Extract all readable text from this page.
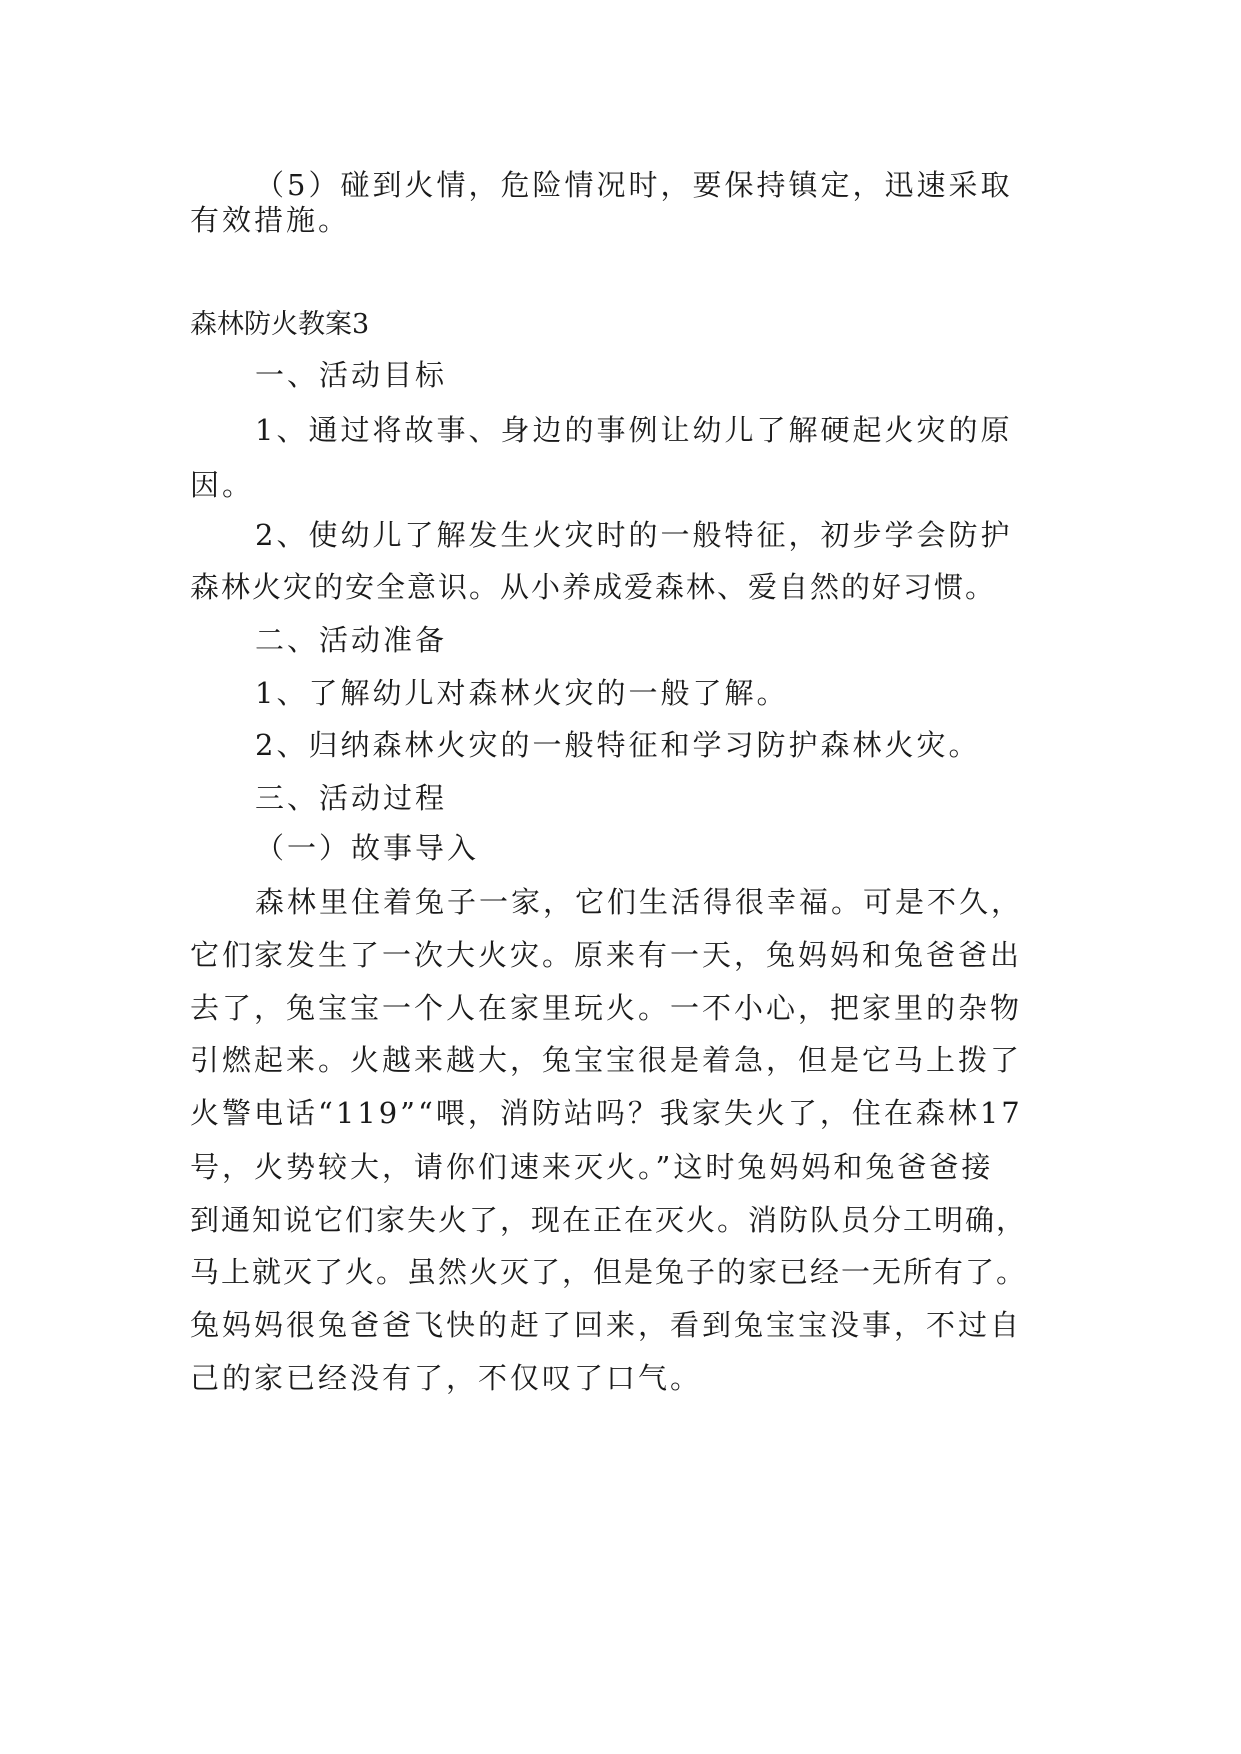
（5）碰到火情，危险情况时，要保持镇定，迅速采取
有效措施。
森林防火教案3
一、活动目标
1、通过将故事、身边的事例让幼儿了解硬起火灾的原
因。
2、使幼儿了解发生火灾时的一般特征，初步学会防护
森林火灾的安全意识。从小养成爱森林、爱自然的好习惯。
二、活动准备
1、了解幼儿对森林火灾的一般了解。
2、归纳森林火灾的一般特征和学习防护森林火灾。
三、活动过程
（一）故事导入
森林里住着兔子一家，它们生活得很幸福。可是不久，
它们家发生了一次大火灾。原来有一天，兔妈妈和兔爸爸出
去了，兔宝宝一个人在家里玩火。一不小心，把家里的杂物
引燃起来。火越来越大，兔宝宝很是着急，但是它马上拨了
火警电话“119”“喂，消防站吗？我家失火了，住在森林17
号，火势较大，请你们速来灭火。”这时兔妈妈和兔爸爸接
到通知说它们家失火了，现在正在灭火。消防队员分工明确，
马上就灭了火。虽然火灭了，但是兔子的家已经一无所有了。
兔妈妈很兔爸爸飞快的赶了回来，看到兔宝宝没事，不过自
己的家已经没有了，不仅叹了口气。
